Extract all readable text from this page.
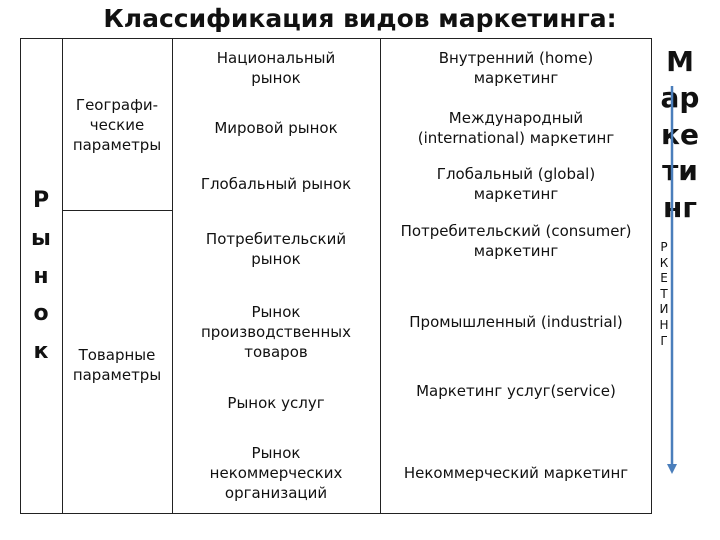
Классификация видов маркетинга:
Р
ы
н
о
к
Географи-
ческие
параметры
Товарные
параметры
Национальный
рынок
Внутренний (home)
маркетинг
Мировой рынок
Международный
(international) маркетинг
Глобальный рынок
Глобальный (global)
маркетинг
Потребительский
рынок
Потребительский (consumer)
маркетинг
Рынок
производственных
товаров
Промышленный (industrial)
Рынок услуг
Маркетинг услуг(service)
Рынок
некоммерческих
организаций
Некоммерческий маркетинг
М
ар
ке
ти
нг
Р
К
Е
Т
И
Н
Г
